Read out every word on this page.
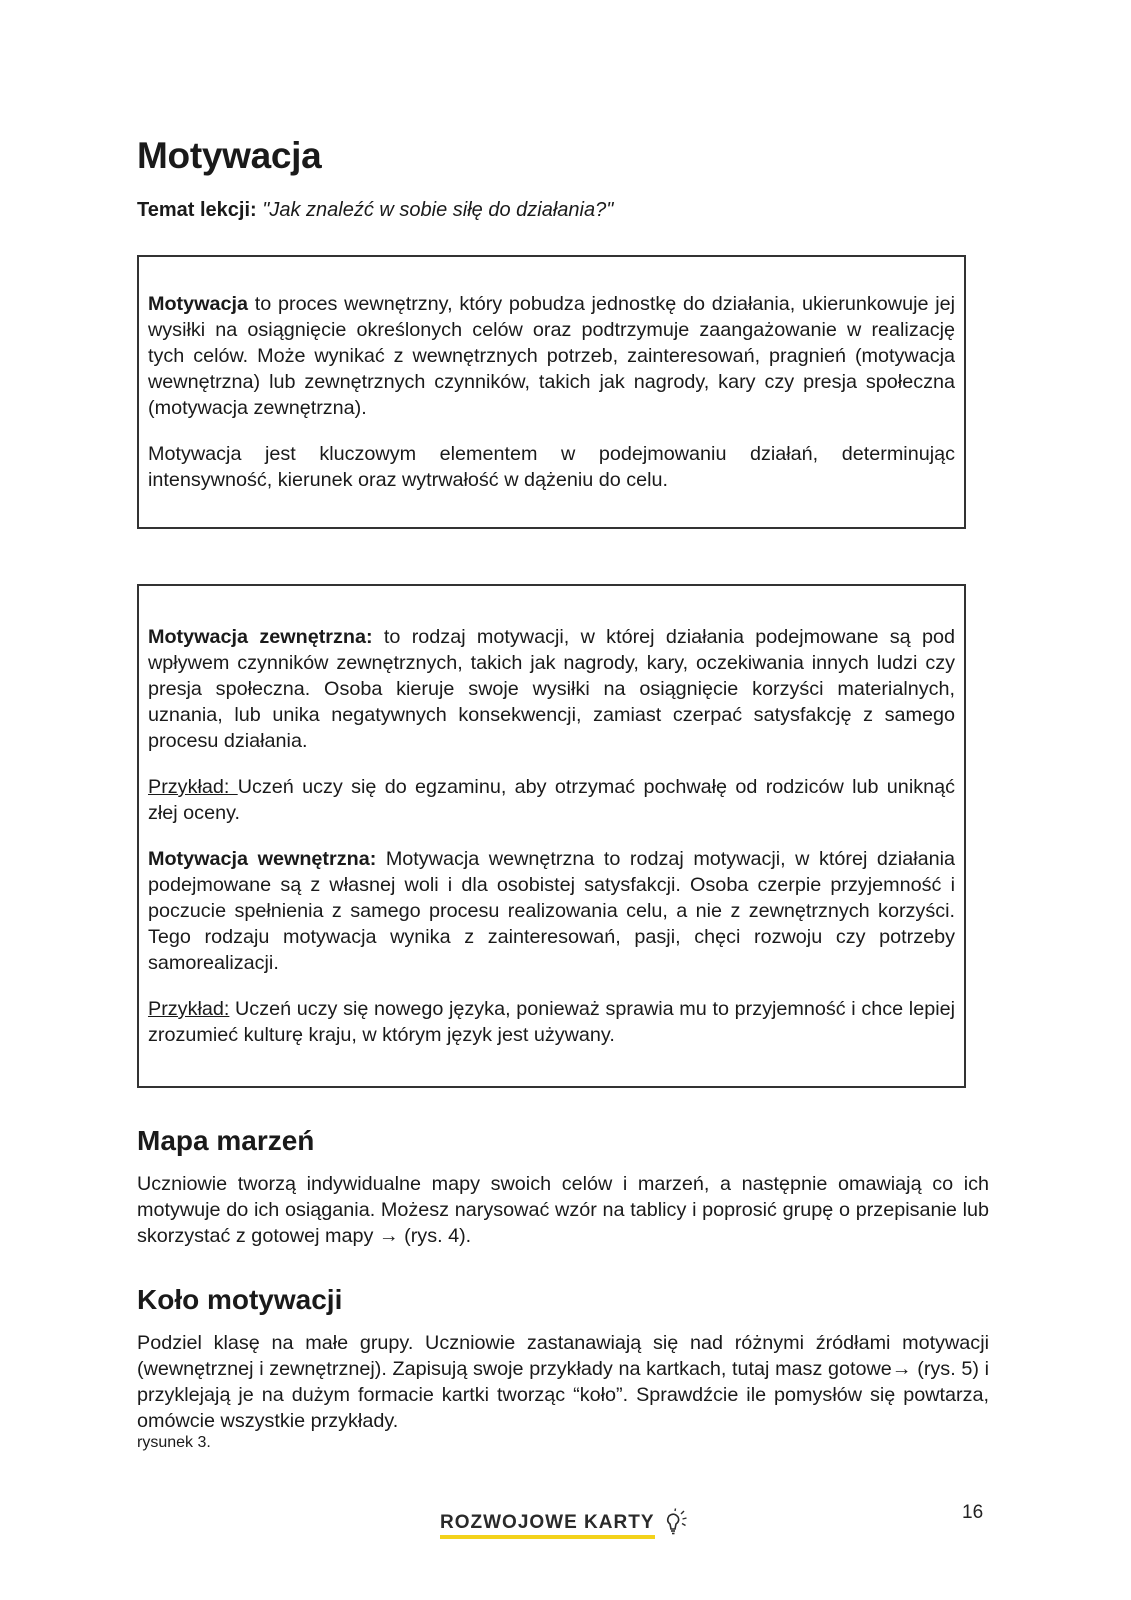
Motywacja

Temat lekcji: "Jak znaleźć w sobie siłę do działania?"

Motywacja to proces wewnętrzny, który pobudza jednostkę do działania, ukierunkowuje jej wysiłki na osiągnięcie określonych celów oraz podtrzymuje zaangażowanie w realizację tych celów. Może wynikać z wewnętrznych potrzeb, zainteresowań, pragnień (motywacja wewnętrzna) lub zewnętrznych czynników, takich jak nagrody, kary czy presja społeczna (motywacja zewnętrzna).

Motywacja jest kluczowym elementem w podejmowaniu działań, determinując intensywność, kierunek oraz wytrwałość w dążeniu do celu.

Motywacja zewnętrzna: to rodzaj motywacji, w której działania podejmowane są pod wpływem czynników zewnętrznych, takich jak nagrody, kary, oczekiwania innych ludzi czy presja społeczna. Osoba kieruje swoje wysiłki na osiągnięcie korzyści materialnych, uznania, lub unika negatywnych konsekwencji, zamiast czerpać satysfakcję z samego procesu działania.

Przykład: Uczeń uczy się do egzaminu, aby otrzymać pochwałę od rodziców lub uniknąć złej oceny.

Motywacja wewnętrzna: Motywacja wewnętrzna to rodzaj motywacji, w której działania podejmowane są z własnej woli i dla osobistej satysfakcji. Osoba czerpie przyjemność i poczucie spełnienia z samego procesu realizowania celu, a nie z zewnętrznych korzyści. Tego rodzaju motywacja wynika z zainteresowań, pasji, chęci rozwoju czy potrzeby samorealizacji.

Przykład: Uczeń uczy się nowego języka, ponieważ sprawia mu to przyjemność i chce lepiej zrozumieć kulturę kraju, w którym język jest używany.

Mapa marzeń

Uczniowie tworzą indywidualne mapy swoich celów i marzeń, a następnie omawiają co ich motywuje do ich osiągania. Możesz narysować wzór na tablicy i poprosić grupę o przepisanie lub skorzystać z gotowej mapy → (rys. 4).

Koło motywacji

Podziel klasę na małe grupy. Uczniowie zastanawiają się nad różnymi źródłami motywacji (wewnętrznej i zewnętrznej). Zapisują swoje przykłady na kartkach, tutaj masz gotowe→ (rys. 5) i przyklejają je na dużym formacie kartki tworząc “koło”. Sprawdźcie ile pomysłów się powtarza, omówcie wszystkie przykłady.

rysunek 3.

ROZWOJOWE KARTY	16
